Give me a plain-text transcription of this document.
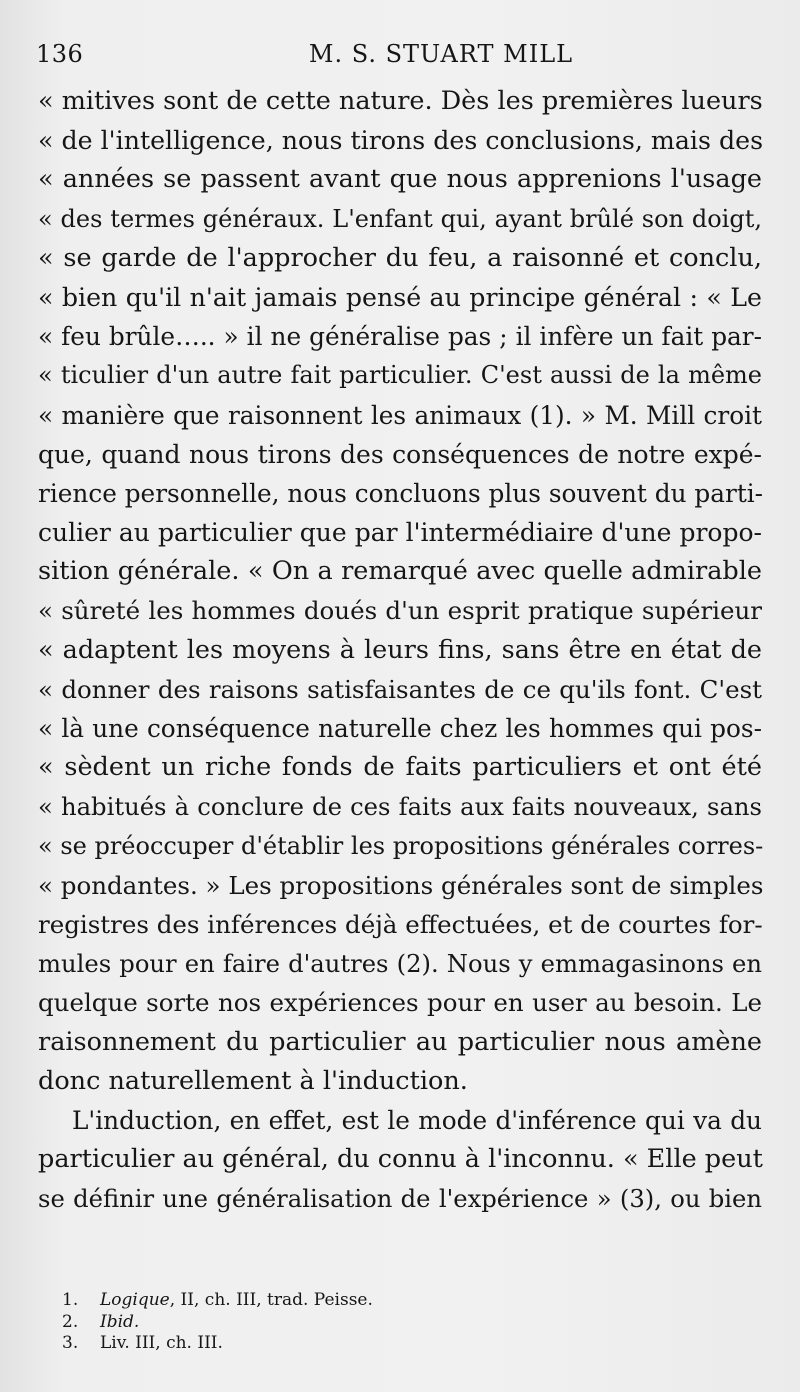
136	M. S. STUART MILL
« mitives sont de cette nature. Dès les premières lueurs
« de l'intelligence, nous tirons des conclusions, mais des
« années se passent avant que nous apprenions l'usage
« des termes généraux. L'enfant qui, ayant brûlé son doigt,
« se garde de l'approcher du feu, a raisonné et conclu,
« bien qu'il n'ait jamais pensé au principe général : « Le
« feu brûle….. » il ne généralise pas ; il infère un fait par-
« ticulier d'un autre fait particulier. C'est aussi de la même
« manière que raisonnent les animaux (1). » M. Mill croit
que, quand nous tirons des conséquences de notre expé-
rience personnelle, nous concluons plus souvent du parti-
culier au particulier que par l'intermédiaire d'une propo-
sition générale. « On a remarqué avec quelle admirable
« sûreté les hommes doués d'un esprit pratique supérieur
« adaptent les moyens à leurs fins, sans être en état de
« donner des raisons satisfaisantes de ce qu'ils font. C'est
« là une conséquence naturelle chez les hommes qui pos-
« sèdent un riche fonds de faits particuliers et ont été
« habitués à conclure de ces faits aux faits nouveaux, sans
« se préoccuper d'établir les propositions générales corres-
« pondantes. » Les propositions générales sont de simples
registres des inférences déjà effectuées, et de courtes for-
mules pour en faire d'autres (2). Nous y emmagasinons en
quelque sorte nos expériences pour en user au besoin. Le
raisonnement du particulier au particulier nous amène
donc naturellement à l'induction.
L'induction, en effet, est le mode d'inférence qui va du
particulier au général, du connu à l'inconnu. « Elle peut
se définir une généralisation de l'expérience » (3), ou bien
1. Logique, II, ch. III, trad. Peisse.
2. Ibid.
3. Liv. III, ch. III.
